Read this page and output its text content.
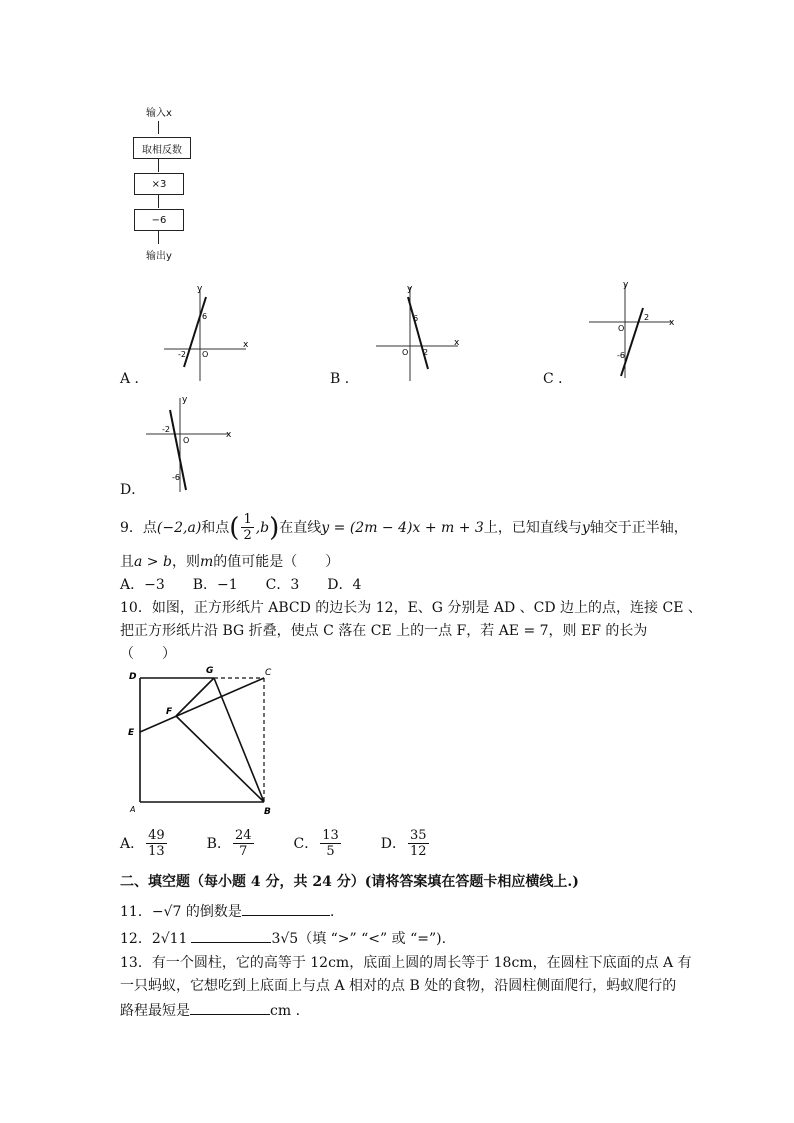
输入x
取相反数
×3
−6
输出y
A ．
y
x
O
6
-2
B ．
y
x
O
6
2
C ．
y
x
O
2
-6
D．
y
x
O
-2
-6
9．点 (−2,a) 和点 ( $\frac{1}{2} ,b$ ) 在直线 y = (2m − 4)x + m + 3 上，已知直线与 y 轴交于正半轴，
且a > b，则m的值可能是（　　）
A．−3　　B．−1　　C．3　　D．4
10．如图，正方形纸片 ABCD 的边长为 12，E、G 分别是 AD 、CD 边上的点，连接 CE 、
把正方形纸片沿 BG 折叠，使点 C 落在 CE 上的一点 F，若 AE = 7，则 EF 的长为
（　　）
D
G	C
F
E
A	B
A． $\frac{49}{13}$	B． $\frac{24}{7}$	C． $\frac{13}{5}$	D． $\frac{35}{12}$
二、填空题（每小题 4 分，共 24 分）(请将答案填在答题卡相应横线上.)
11．−√7 的倒数是	.
12．2√11	3√5（填 “>” “<” 或 “=”).
13．有一个圆柱，它的高等于 12cm，底面上圆的周长等于 18cm，在圆柱下底面的点 A 有
一只蚂蚁，它想吃到上底面上与点 A 相对的点 B 处的食物，沿圆柱侧面爬行，蚂蚁爬行的
路程最短是	cm .
